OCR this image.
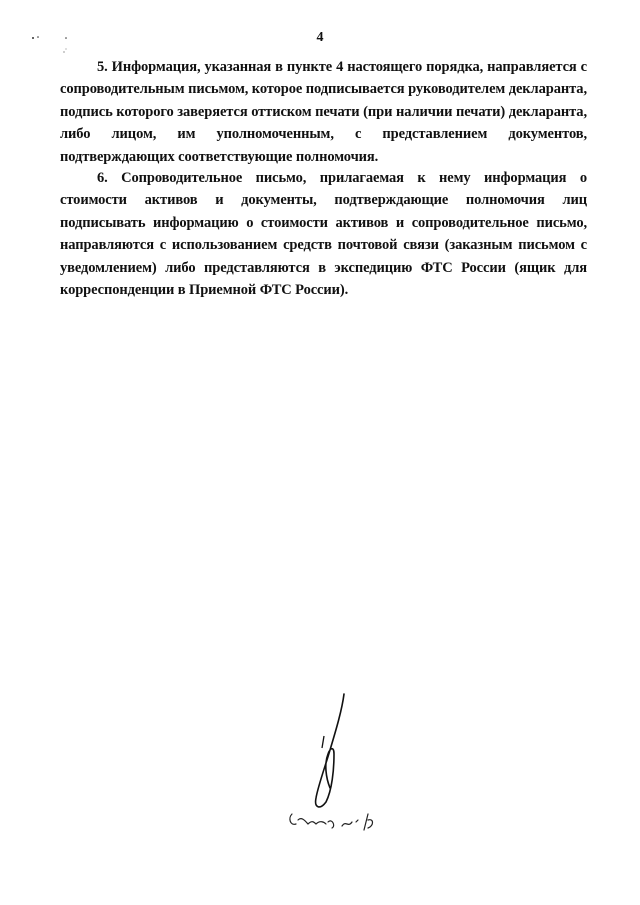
4

5. Информация, указанная в пункте 4 настоящего порядка, направляется с сопроводительным письмом, которое подписывается руководителем декларанта, подпись которого заверяется оттиском печати (при наличии печати) декларанта, либо лицом, им уполномоченным, с представлением документов, подтверждающих соответствующие полномочия.

6. Сопроводительное письмо, прилагаемая к нему информация о стоимости активов и документы, подтверждающие полномочия лиц подписывать информацию о стоимости активов и сопроводительное письмо, направляются с использованием средств почтовой связи (заказным письмом с уведомлением) либо представляются в экспедицию ФТС России (ящик для корреспонденции в Приемной ФТС России).
